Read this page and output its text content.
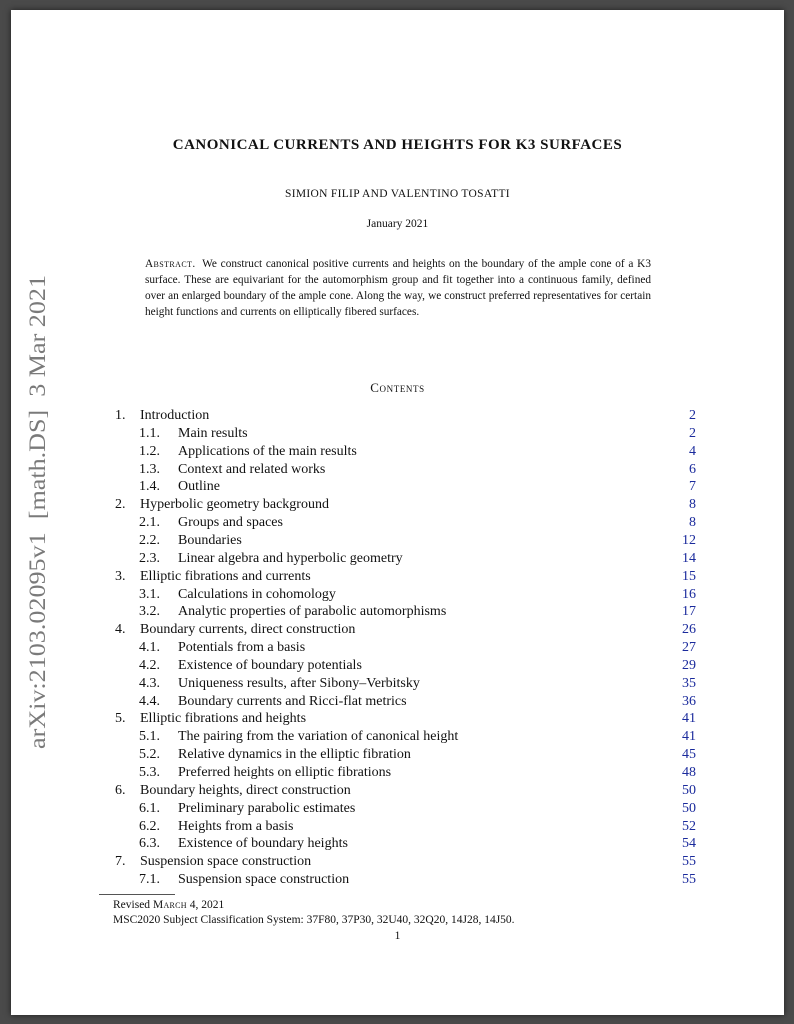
arXiv:2103.02095v1  [math.DS]  3 Mar 2021
CANONICAL CURRENTS AND HEIGHTS FOR K3 SURFACES
SIMION FILIP AND VALENTINO TOSATTI
January 2021
Abstract. We construct canonical positive currents and heights on the boundary of the ample cone of a K3 surface. These are equivariant for the automorphism group and fit together into a continuous family, defined over an enlarged boundary of the ample cone. Along the way, we construct preferred representatives for certain height functions and currents on elliptically fibered surfaces.
Contents
1. Introduction	2
1.1. Main results	2
1.2. Applications of the main results	4
1.3. Context and related works	6
1.4. Outline	7
2. Hyperbolic geometry background	8
2.1. Groups and spaces	8
2.2. Boundaries	12
2.3. Linear algebra and hyperbolic geometry	14
3. Elliptic fibrations and currents	15
3.1. Calculations in cohomology	16
3.2. Analytic properties of parabolic automorphisms	17
4. Boundary currents, direct construction	26
4.1. Potentials from a basis	27
4.2. Existence of boundary potentials	29
4.3. Uniqueness results, after Sibony–Verbitsky	35
4.4. Boundary currents and Ricci-flat metrics	36
5. Elliptic fibrations and heights	41
5.1. The pairing from the variation of canonical height	41
5.2. Relative dynamics in the elliptic fibration	45
5.3. Preferred heights on elliptic fibrations	48
6. Boundary heights, direct construction	50
6.1. Preliminary parabolic estimates	50
6.2. Heights from a basis	52
6.3. Existence of boundary heights	54
7. Suspension space construction	55
7.1. Suspension space construction	55
Revised March 4, 2021
MSC2020 Subject Classification System: 37F80, 37P30, 32U40, 32Q20, 14J28, 14J50.
1
